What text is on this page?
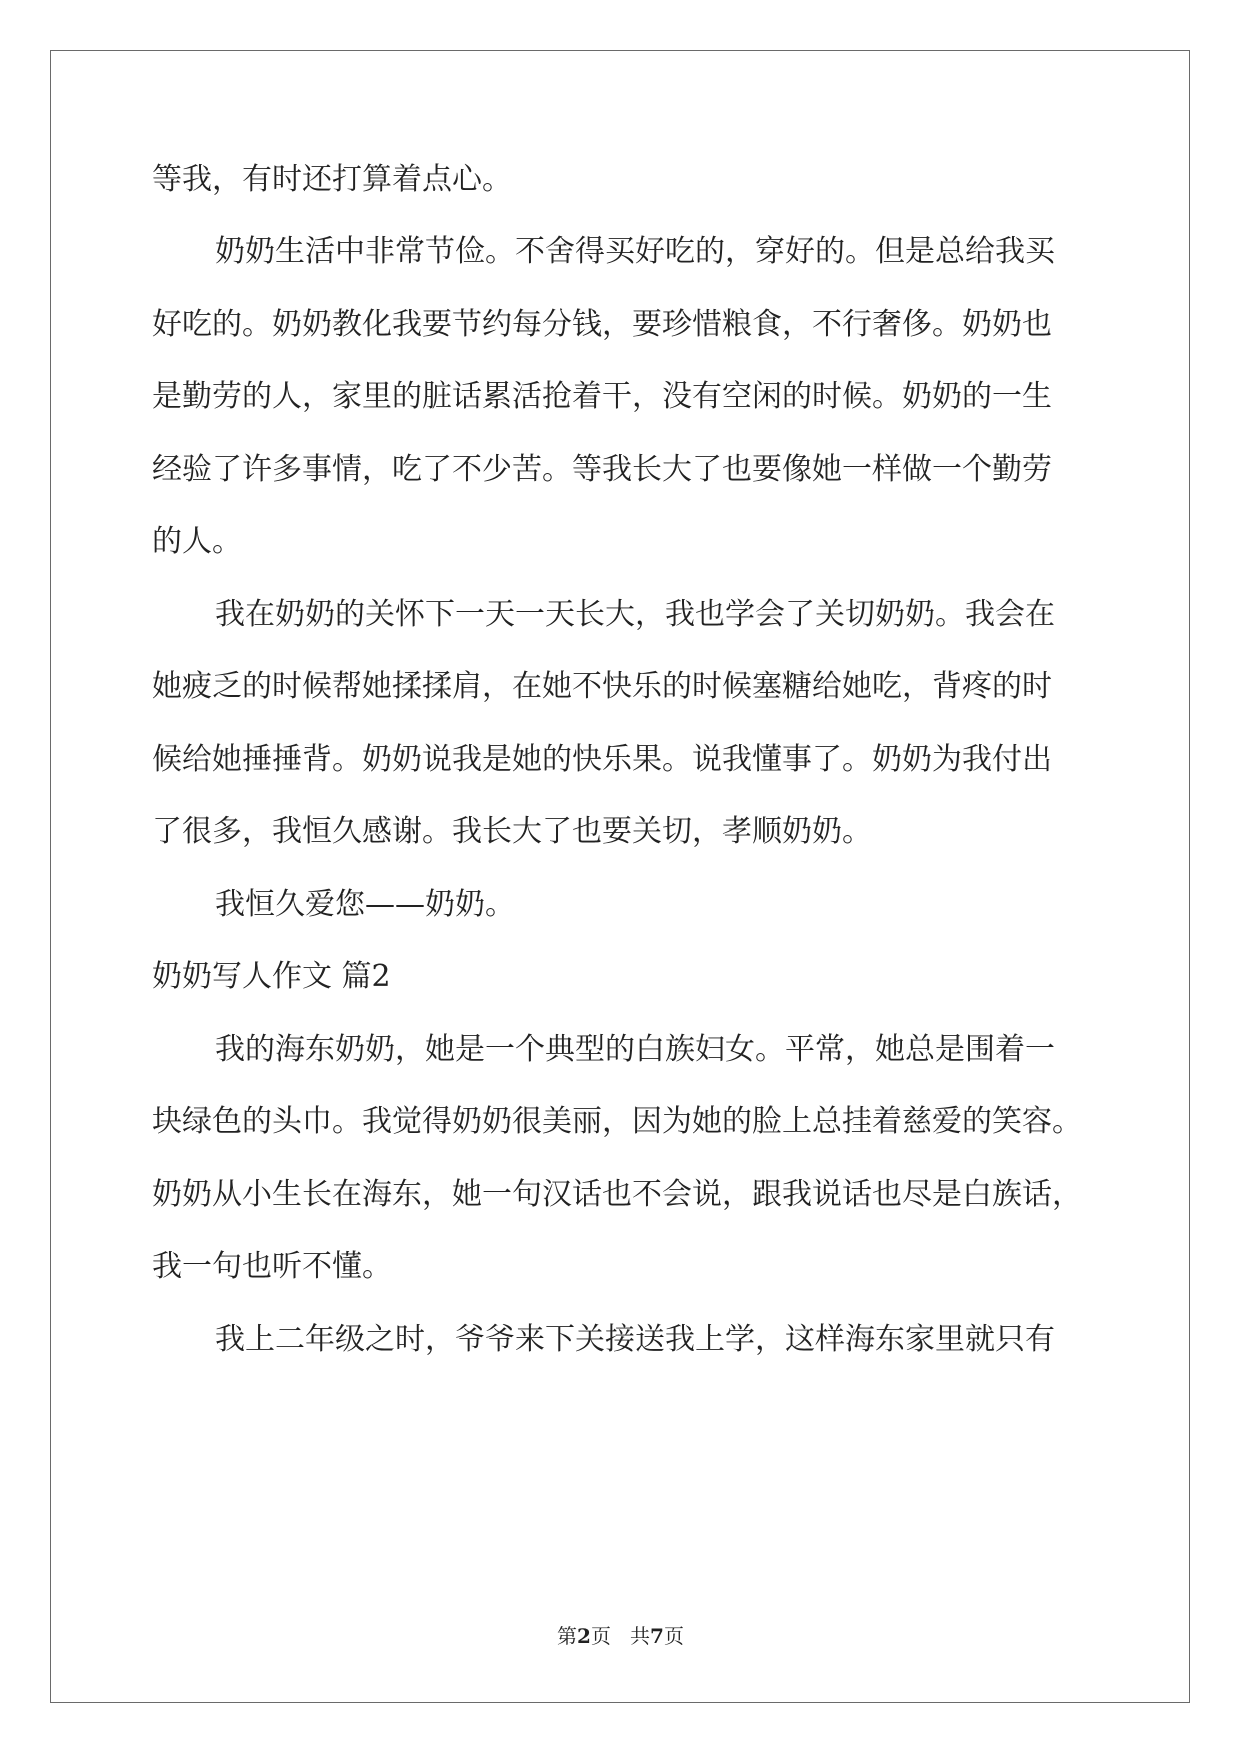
等我，有时还打算着点心。
奶奶生活中非常节俭。不舍得买好吃的，穿好的。但是总给我买
好吃的。奶奶教化我要节约每分钱，要珍惜粮食，不行奢侈。奶奶也
是勤劳的人，家里的脏话累活抢着干，没有空闲的时候。奶奶的一生
经验了许多事情，吃了不少苦。等我长大了也要像她一样做一个勤劳
的人。
我在奶奶的关怀下一天一天长大，我也学会了关切奶奶。我会在
她疲乏的时候帮她揉揉肩，在她不快乐的时候塞糖给她吃，背疼的时
候给她捶捶背。奶奶说我是她的快乐果。说我懂事了。奶奶为我付出
了很多，我恒久感谢。我长大了也要关切，孝顺奶奶。
我恒久爱您——奶奶。
奶奶写人作文 篇2
我的海东奶奶，她是一个典型的白族妇女。平常，她总是围着一
块绿色的头巾。我觉得奶奶很美丽，因为她的脸上总挂着慈爱的笑容。
奶奶从小生长在海东，她一句汉话也不会说，跟我说话也尽是白族话，
我一句也听不懂。
我上二年级之时，爷爷来下关接送我上学，这样海东家里就只有
第2页 共7页
